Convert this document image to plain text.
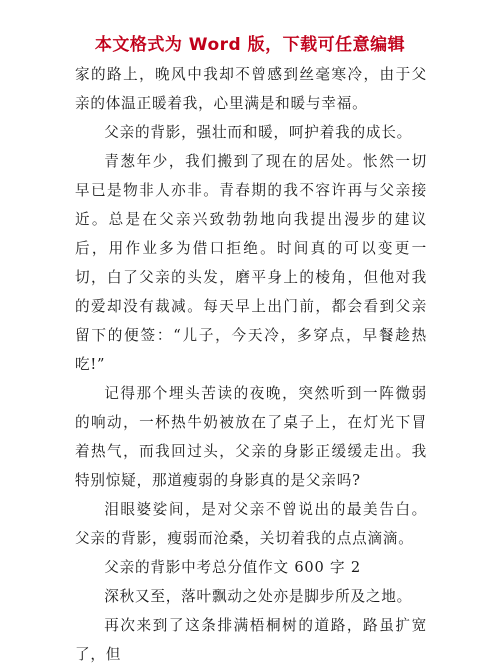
本文格式为 Word 版，下载可任意编辑

家的路上，晚风中我却不曾感到丝毫寒冷，由于父亲的体温正暖着我，心里满是和暖与幸福。

父亲的背影，强壮而和暖，呵护着我的成长。

青葱年少，我们搬到了现在的居处。怅然一切早已是物非人亦非。青春期的我不容许再与父亲接近。总是在父亲兴致勃勃地向我提出漫步的建议后，用作业多为借口拒绝。时间真的可以变更一切，白了父亲的头发，磨平身上的棱角，但他对我的爱却没有裁减。每天早上出门前，都会看到父亲留下的便签：“儿子，今天冷，多穿点，早餐趁热吃!”

记得那个埋头苦读的夜晚，突然听到一阵微弱的响动，一杯热牛奶被放在了桌子上，在灯光下冒着热气，而我回过头，父亲的身影正缓缓走出。我特别惊疑，那道瘦弱的身影真的是父亲吗?

泪眼婆娑间，是对父亲不曾说出的最美告白。父亲的背影，瘦弱而沧桑，关切着我的点点滴滴。

父亲的背影中考总分值作文 600 字 2

深秋又至，落叶飘动之处亦是脚步所及之地。

再次来到了这条排满梧桐树的道路，路虽扩宽了，但
